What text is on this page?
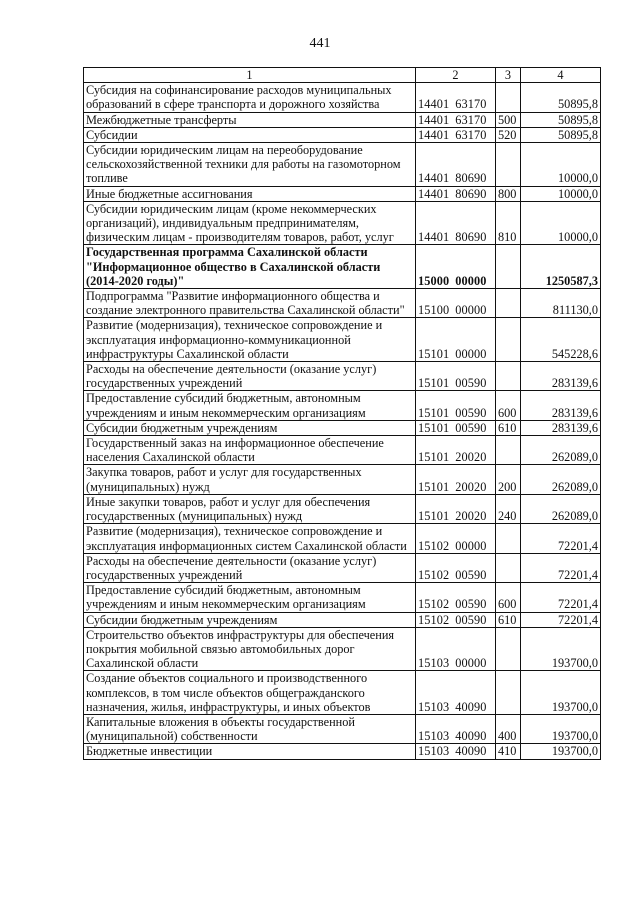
441
1	2	3	4
Субсидия на софинансирование расходов муниципальных образований в сфере транспорта и дорожного хозяйства	14401 63170		50895,8
Межбюджетные трансферты	14401 63170	500	50895,8
Субсидии	14401 63170	520	50895,8
Субсидии юридическим лицам на переоборудование сельскохозяйственной техники для работы на газомоторном топливе	14401 80690		10000,0
Иные бюджетные ассигнования	14401 80690	800	10000,0
Субсидии юридическим лицам (кроме некоммерческих организаций), индивидуальным предпринимателям, физическим лицам - производителям товаров, работ, услуг	14401 80690	810	10000,0
Государственная программа Сахалинской области "Информационное общество в Сахалинской области (2014-2020 годы)"	15000 00000		1250587,3
Подпрограмма "Развитие информационного общества и создание электронного правительства Сахалинской области"	15100 00000		811130,0
Развитие (модернизация), техническое сопровождение и эксплуатация информационно-коммуникационной инфраструктуры Сахалинской области	15101 00000		545228,6
Расходы на обеспечение деятельности (оказание услуг) государственных учреждений	15101 00590		283139,6
Предоставление субсидий бюджетным, автономным учреждениям и иным некоммерческим организациям	15101 00590	600	283139,6
Субсидии бюджетным учреждениям	15101 00590	610	283139,6
Государственный заказ на информационное обеспечение населения Сахалинской области	15101 20020		262089,0
Закупка товаров, работ и услуг для государственных (муниципальных) нужд	15101 20020	200	262089,0
Иные закупки товаров, работ и услуг для обеспечения государственных (муниципальных) нужд	15101 20020	240	262089,0
Развитие (модернизация), техническое сопровождение и эксплуатация информационных систем Сахалинской области	15102 00000		72201,4
Расходы на обеспечение деятельности (оказание услуг) государственных учреждений	15102 00590		72201,4
Предоставление субсидий бюджетным, автономным учреждениям и иным некоммерческим организациям	15102 00590	600	72201,4
Субсидии бюджетным учреждениям	15102 00590	610	72201,4
Строительство объектов инфраструктуры для обеспечения покрытия мобильной связью автомобильных дорог Сахалинской области	15103 00000		193700,0
Создание объектов социального и производственного комплексов, в том числе объектов общегражданского назначения, жилья, инфраструктуры, и иных объектов	15103 40090		193700,0
Капитальные вложения в объекты государственной (муниципальной) собственности	15103 40090	400	193700,0
Бюджетные инвестиции	15103 40090	410	193700,0
